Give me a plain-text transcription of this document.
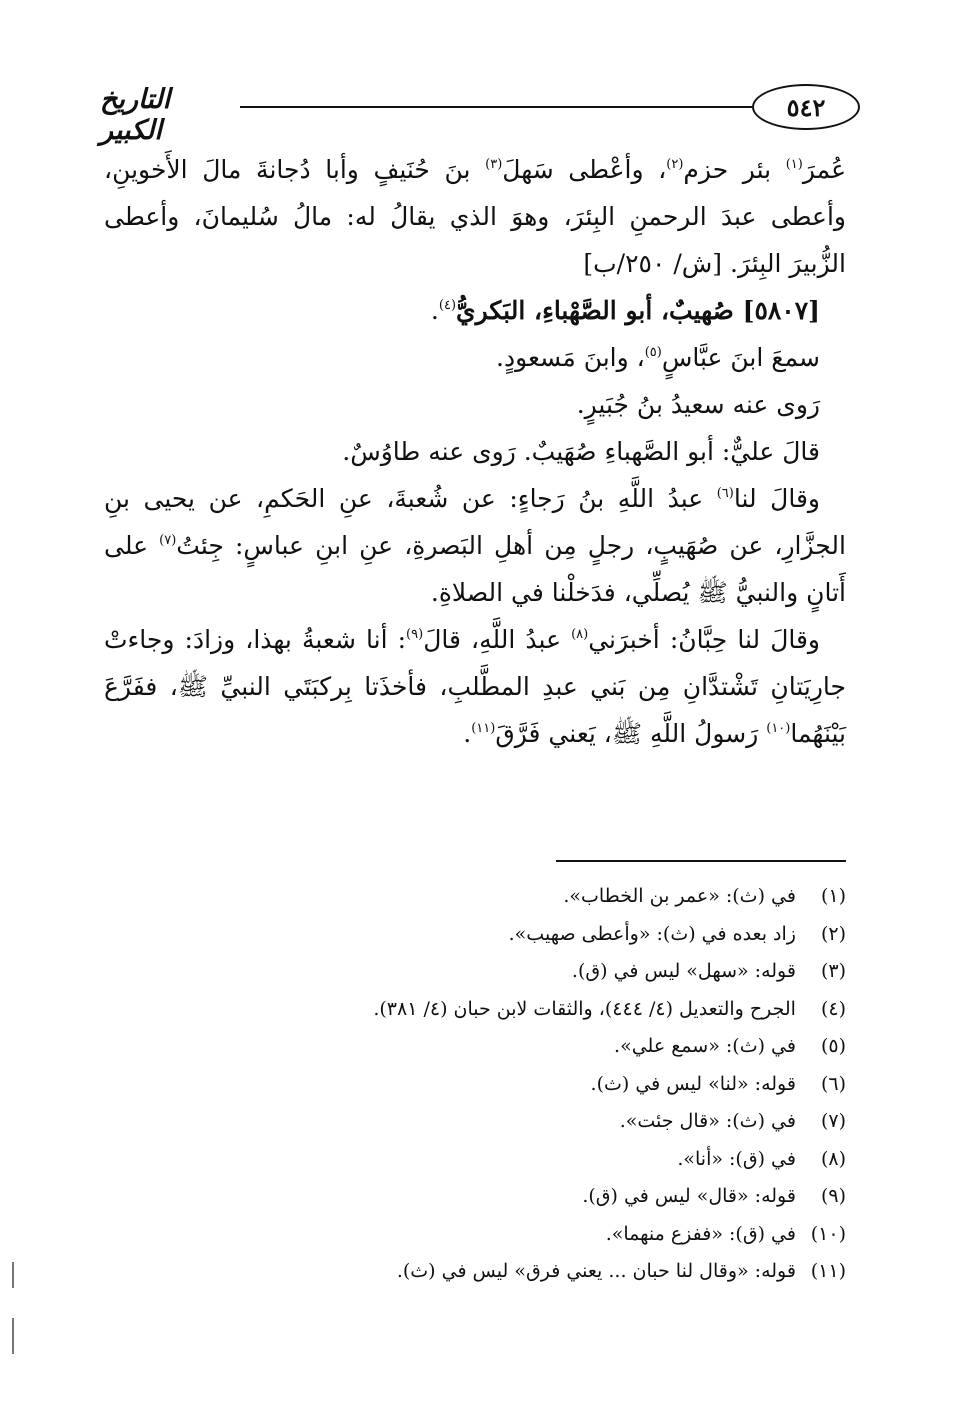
٥٤٢
التاريخ الكبير

عُمرَ$^{(١)}$ بئر حزم$^{(٢)}$، وأعْطى سَهلَ$^{(٣)}$ بنَ حُنَيفٍ وأبا دُجانةَ مالَ الأَخوينِ، وأعطى عبدَ الرحمنِ البِئرَ، وهوَ الذي يقالُ له: مالُ سُليمانَ، وأعطى الزُّبيرَ البِئرَ. [ش/ ٢٥٠/ب]

[٥٨٠٧] صُهيبٌ، أبو الصَّهْباءِ، البَكريُّ$^{(٤)}$.

سمعَ ابنَ عبَّاسٍ$^{(٥)}$، وابنَ مَسعودٍ.

رَوى عنه سعيدُ بنُ جُبَيرٍ.

قالَ عليٌّ: أبو الصَّهباءِ صُهَيبٌ. رَوى عنه طاوُسٌ.

وقالَ لنا$^{(٦)}$ عبدُ اللَّهِ بنُ رَجاءٍ: عن شُعبةَ، عنِ الحَكمِ، عن يحيى بنِ الجزَّارِ، عن صُهَيبٍ، رجلٍ مِن أهلِ البَصرةِ، عنِ ابنِ عباسٍ: جِئتُ$^{(٧)}$ على أَتانٍ والنبيُّ ﷺ يُصلِّي، فدَخلْنا في الصلاةِ.

وقالَ لنا حِبَّانُ: أخبرَني$^{(٨)}$ عبدُ اللَّهِ، قالَ$^{(٩)}$: أنا شعبةُ بهذا، وزادَ: وجاءتْ جارِيَتانِ تَشْتدَّانِ مِن بَني عبدِ المطَّلبِ، فأخذَتا بِركبَتَي النبيِّ ﷺ، ففَرَّعَ بَيْنَهُما$^{(١٠)}$ رَسولُ اللَّهِ ﷺ، يَعني فَرَّقَ$^{(١١)}$.

(١) في (ث): «عمر بن الخطاب».
(٢) زاد بعده في (ث): «وأعطى صهيب».
(٣) قوله: «سهل» ليس في (ق).
(٤) الجرح والتعديل (٤/ ٤٤٤)، والثقات لابن حبان (٤/ ٣٨١).
(٥) في (ث): «سمع علي».
(٦) قوله: «لنا» ليس في (ث).
(٧) في (ث): «قال جئت».
(٨) في (ق): «أنا».
(٩) قوله: «قال» ليس في (ق).
(١٠) في (ق): «ففزع منهما».
(١١) قوله: «وقال لنا حبان ... يعني فرق» ليس في (ث).
